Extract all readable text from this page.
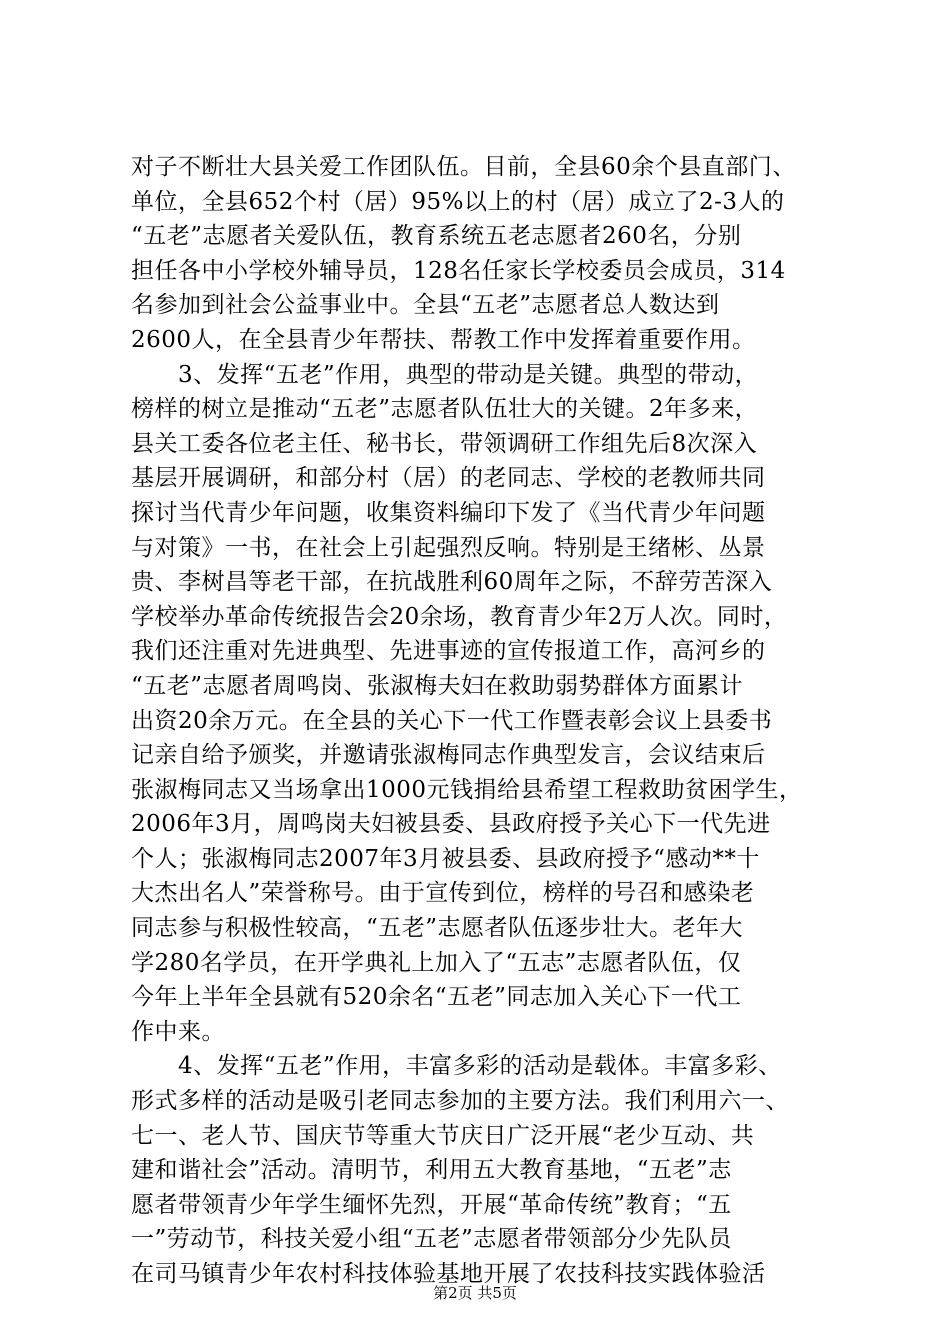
对子不断壮大县关爱工作团队伍。目前，全县60余个县直部门、
单位，全县652个村（居）95%以上的村（居）成立了2-3人的
“五老”志愿者关爱队伍，教育系统五老志愿者260名，分别
担任各中小学校外辅导员，128名任家长学校委员会成员，314
名参加到社会公益事业中。全县“五老”志愿者总人数达到
2600人，在全县青少年帮扶、帮教工作中发挥着重要作用。
　　3、发挥“五老”作用，典型的带动是关键。典型的带动，
榜样的树立是推动“五老”志愿者队伍壮大的关键。2年多来，
县关工委各位老主任、秘书长，带领调研工作组先后8次深入
基层开展调研，和部分村（居）的老同志、学校的老教师共同
探讨当代青少年问题，收集资料编印下发了《当代青少年问题
与对策》一书，在社会上引起强烈反响。特别是王绪彬、丛景
贵、李树昌等老干部，在抗战胜利60周年之际，不辞劳苦深入
学校举办革命传统报告会20余场，教育青少年2万人次。同时，
我们还注重对先进典型、先进事迹的宣传报道工作，高河乡的
“五老”志愿者周鸣岗、张淑梅夫妇在救助弱势群体方面累计
出资20余万元。在全县的关心下一代工作暨表彰会议上县委书
记亲自给予颁奖，并邀请张淑梅同志作典型发言，会议结束后
张淑梅同志又当场拿出1000元钱捐给县希望工程救助贫困学生，
2006年3月，周鸣岗夫妇被县委、县政府授予关心下一代先进
个人；张淑梅同志2007年3月被县委、县政府授予“感动**十
大杰出名人”荣誉称号。由于宣传到位，榜样的号召和感染老
同志参与积极性较高，“五老”志愿者队伍逐步壮大。老年大
学280名学员，在开学典礼上加入了“五志”志愿者队伍，仅
今年上半年全县就有520余名“五老”同志加入关心下一代工
作中来。
　　4、发挥“五老”作用，丰富多彩的活动是载体。丰富多彩、
形式多样的活动是吸引老同志参加的主要方法。我们利用六一、
七一、老人节、国庆节等重大节庆日广泛开展“老少互动、共
建和谐社会”活动。清明节，利用五大教育基地，“五老”志
愿者带领青少年学生缅怀先烈，开展“革命传统”教育；“五
一”劳动节，科技关爱小组“五老”志愿者带领部分少先队员
在司马镇青少年农村科技体验基地开展了农技科技实践体验活
第2页 共5页
